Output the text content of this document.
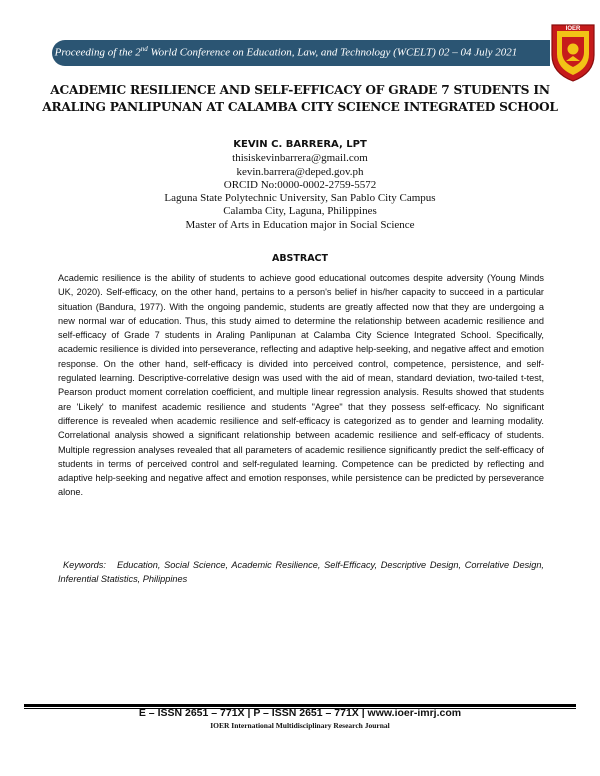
Proceeding of the 2nd World Conference on Education, Law, and Technology (WCELT) 02 – 04 July 2021
IOER
ACADEMIC RESILIENCE AND SELF-EFFICACY OF GRADE 7 STUDENTS IN
ARALING PANLIPUNAN AT CALAMBA CITY SCIENCE INTEGRATED SCHOOL
KEVIN C. BARRERA, LPT
thisiskevinbarrera@gmail.com
kevin.barrera@deped.gov.ph
ORCID No:0000-0002-2759-5572
Laguna State Polytechnic University, San Pablo City Campus
Calamba City, Laguna, Philippines
Master of Arts in Education major in Social Science
ABSTRACT
Academic resilience is the ability of students to achieve good educational outcomes despite adversity (Young Minds UK, 2020). Self-efficacy, on the other hand, pertains to a person's belief in his/her capacity to succeed in a particular situation (Bandura, 1977). With the ongoing pandemic, students are greatly affected now that they are undergoing a new normal war of education. Thus, this study aimed to determine the relationship between academic resilience and self-efficacy of Grade 7 students in Araling Panlipunan at Calamba City Science Integrated School. Specifically, academic resilience is divided into perseverance, reflecting and adaptive help-seeking, and negative affect and emotion response. On the other hand, self-efficacy is divided into perceived control, competence, persistence, and self-regulated learning. Descriptive-correlative design was used with the aid of mean, standard deviation, two-tailed t-test, Pearson product moment correlation coefficient, and multiple linear regression analysis. Results showed that students are 'Likely' to manifest academic resilience and students "Agree" that they possess self-efficacy. No significant difference is revealed when academic resilience and self-efficacy is categorized as to gender and learning modality. Correlational analysis showed a significant relationship between academic resilience and self-efficacy of students. Multiple regression analyses revealed that all parameters of academic resilience significantly predict the self-efficacy of students in terms of perceived control and self-regulated learning. Competence can be predicted by reflecting and adaptive help-seeking and negative affect and emotion responses, while persistence can be predicted by perseverance alone.
Keywords: Education, Social Science, Academic Resilience, Self-Efficacy, Descriptive Design, Correlative Design, Inferential Statistics, Philippines
E – ISSN 2651 – 771X | P – ISSN 2651 – 771X | www.ioer-imrj.com
IOER International Multidisciplinary Research Journal
